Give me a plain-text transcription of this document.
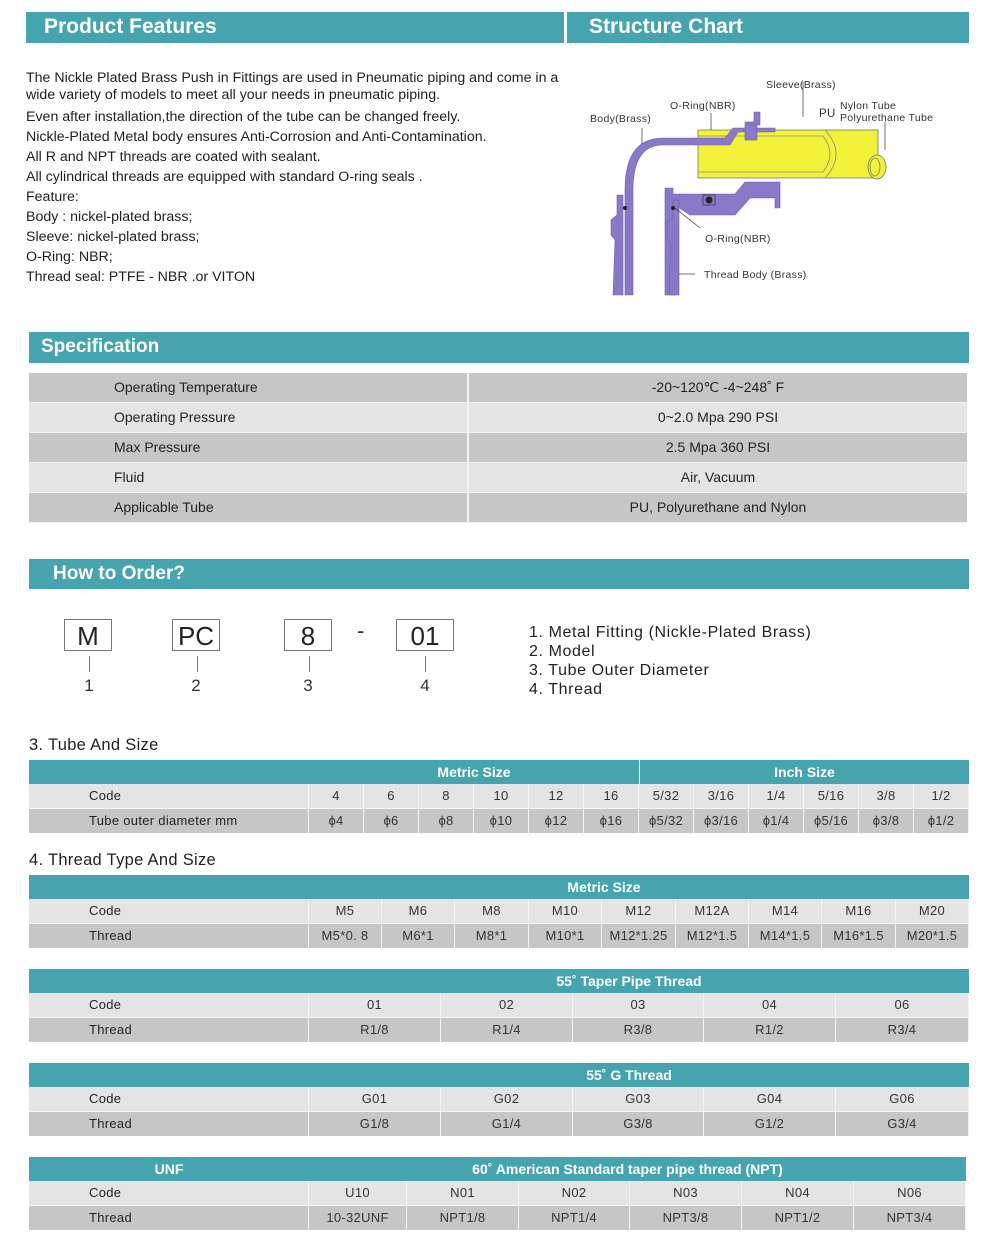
Product Features	Structure Chart
The Nickle Plated Brass Push in Fittings are used in Pneumatic piping and come in a wide variety of models to meet all your needs in pneumatic piping.
Even after installation,the direction of the tube can be changed freely.
Nickle-Plated Metal body ensures Anti-Corrosion and Anti-Contamination.
All R and NPT threads are coated with sealant.
All cylindrical threads are equipped with standard O-ring seals .
Feature:
Body : nickel-plated brass;
Sleeve: nickel-plated brass;
O-Ring: NBR;
Thread seal: PTFE - NBR .or VITON
Sleeve(Brass)
O-Ring(NBR)
Body(Brass)	PU
Nylon Tube
Polyurethane Tube
O-Ring(NBR)
Thread Body (Brass)
Specification
Operating Temperature	-20~120℃ -4~248˚ F
Operating Pressure	0~2.0 Mpa 290 PSI
Max Pressure	2.5 Mpa 360 PSI
Fluid	Air, Vacuum
Applicable Tube	PU, Polyurethane and Nylon
How to Order?
M
1
PC
2
8
3
-	01
4
1. Metal Fitting (Nickle-Plated Brass)
2. Model
3. Tube Outer Diameter
4. Thread
3. Tube And Size
Metric Size	Inch Size
Code	4	6	8	10	12	16	5/32	3/16	1/4	5/16	3/8	1/2
Tube outer diameter mm	ϕ4	ϕ6	ϕ8	ϕ10	ϕ12	ϕ16	ϕ5/32	ϕ3/16	ϕ1/4	ϕ5/16	ϕ3/8	ϕ1/2
4. Thread Type And Size
Metric Size
Code	M5	M6	M8	M10	M12	M12A	M14	M16	M20
Thread	M5*0. 8	M6*1	M8*1	M10*1	M12*1.25	M12*1.5	M14*1.5	M16*1.5	M20*1.5
55˚ Taper Pipe Thread
Code	01	02	03	04	06
Thread	R1/8	R1/4	R3/8	R1/2	R3/4
55˚ G Thread
Code	G01	G02	G03	G04	G06
Thread	G1/8	G1/4	G3/8	G1/2	G3/4
UNF	60˚ American Standard taper pipe thread (NPT)
Code	U10	N01	N02	N03	N04	N06
Thread	10-32UNF	NPT1/8	NPT1/4	NPT3/8	NPT1/2	NPT3/4
